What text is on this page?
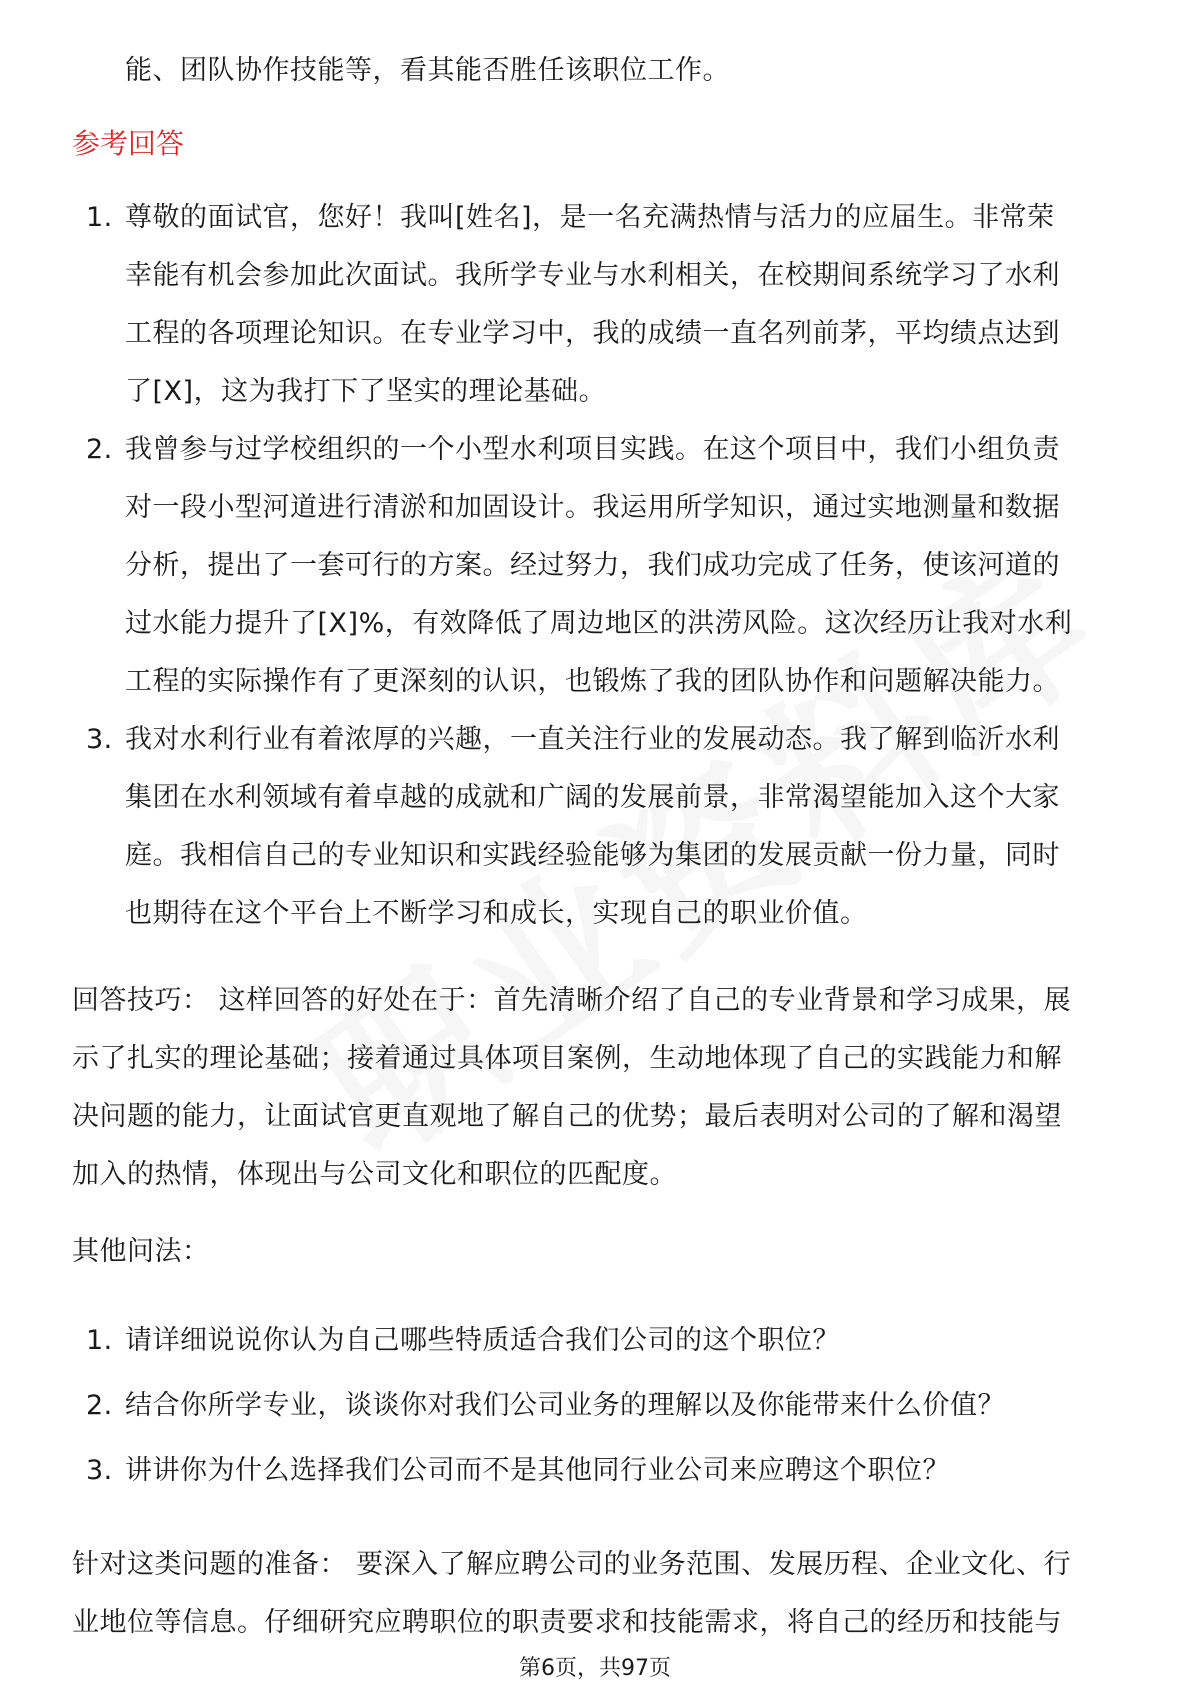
能、团队协作技能等，看其能否胜任该职位工作。
参考回答
1. 尊敬的面试官，您好！我叫[姓名]，是一名充满热情与活力的应届生。非常荣
幸能有机会参加此次面试。我所学专业与水利相关，在校期间系统学习了水利
工程的各项理论知识。在专业学习中，我的成绩一直名列前茅，平均绩点达到
了[X]，这为我打下了坚实的理论基础。
2. 我曾参与过学校组织的一个小型水利项目实践。在这个项目中，我们小组负责
对一段小型河道进行清淤和加固设计。我运用所学知识，通过实地测量和数据
分析，提出了一套可行的方案。经过努力，我们成功完成了任务，使该河道的
过水能力提升了[X]%，有效降低了周边地区的洪涝风险。这次经历让我对水利
工程的实际操作有了更深刻的认识，也锻炼了我的团队协作和问题解决能力。
3. 我对水利行业有着浓厚的兴趣，一直关注行业的发展动态。我了解到临沂水利
集团在水利领域有着卓越的成就和广阔的发展前景，非常渴望能加入这个大家
庭。我相信自己的专业知识和实践经验能够为集团的发展贡献一份力量，同时
也期待在这个平台上不断学习和成长，实现自己的职业价值。
回答技巧： 这样回答的好处在于：首先清晰介绍了自己的专业背景和学习成果，展
示了扎实的理论基础；接着通过具体项目案例，生动地体现了自己的实践能力和解
决问题的能力，让面试官更直观地了解自己的优势；最后表明对公司的了解和渴望
加入的热情，体现出与公司文化和职位的匹配度。
其他问法：
1. 请详细说说你认为自己哪些特质适合我们公司的这个职位？
2. 结合你所学专业，谈谈你对我们公司业务的理解以及你能带来什么价值？
3. 讲讲你为什么选择我们公司而不是其他同行业公司来应聘这个职位？
针对这类问题的准备： 要深入了解应聘公司的业务范围、发展历程、企业文化、行
业地位等信息。仔细研究应聘职位的职责要求和技能需求，将自己的经历和技能与
第6页，共97页
